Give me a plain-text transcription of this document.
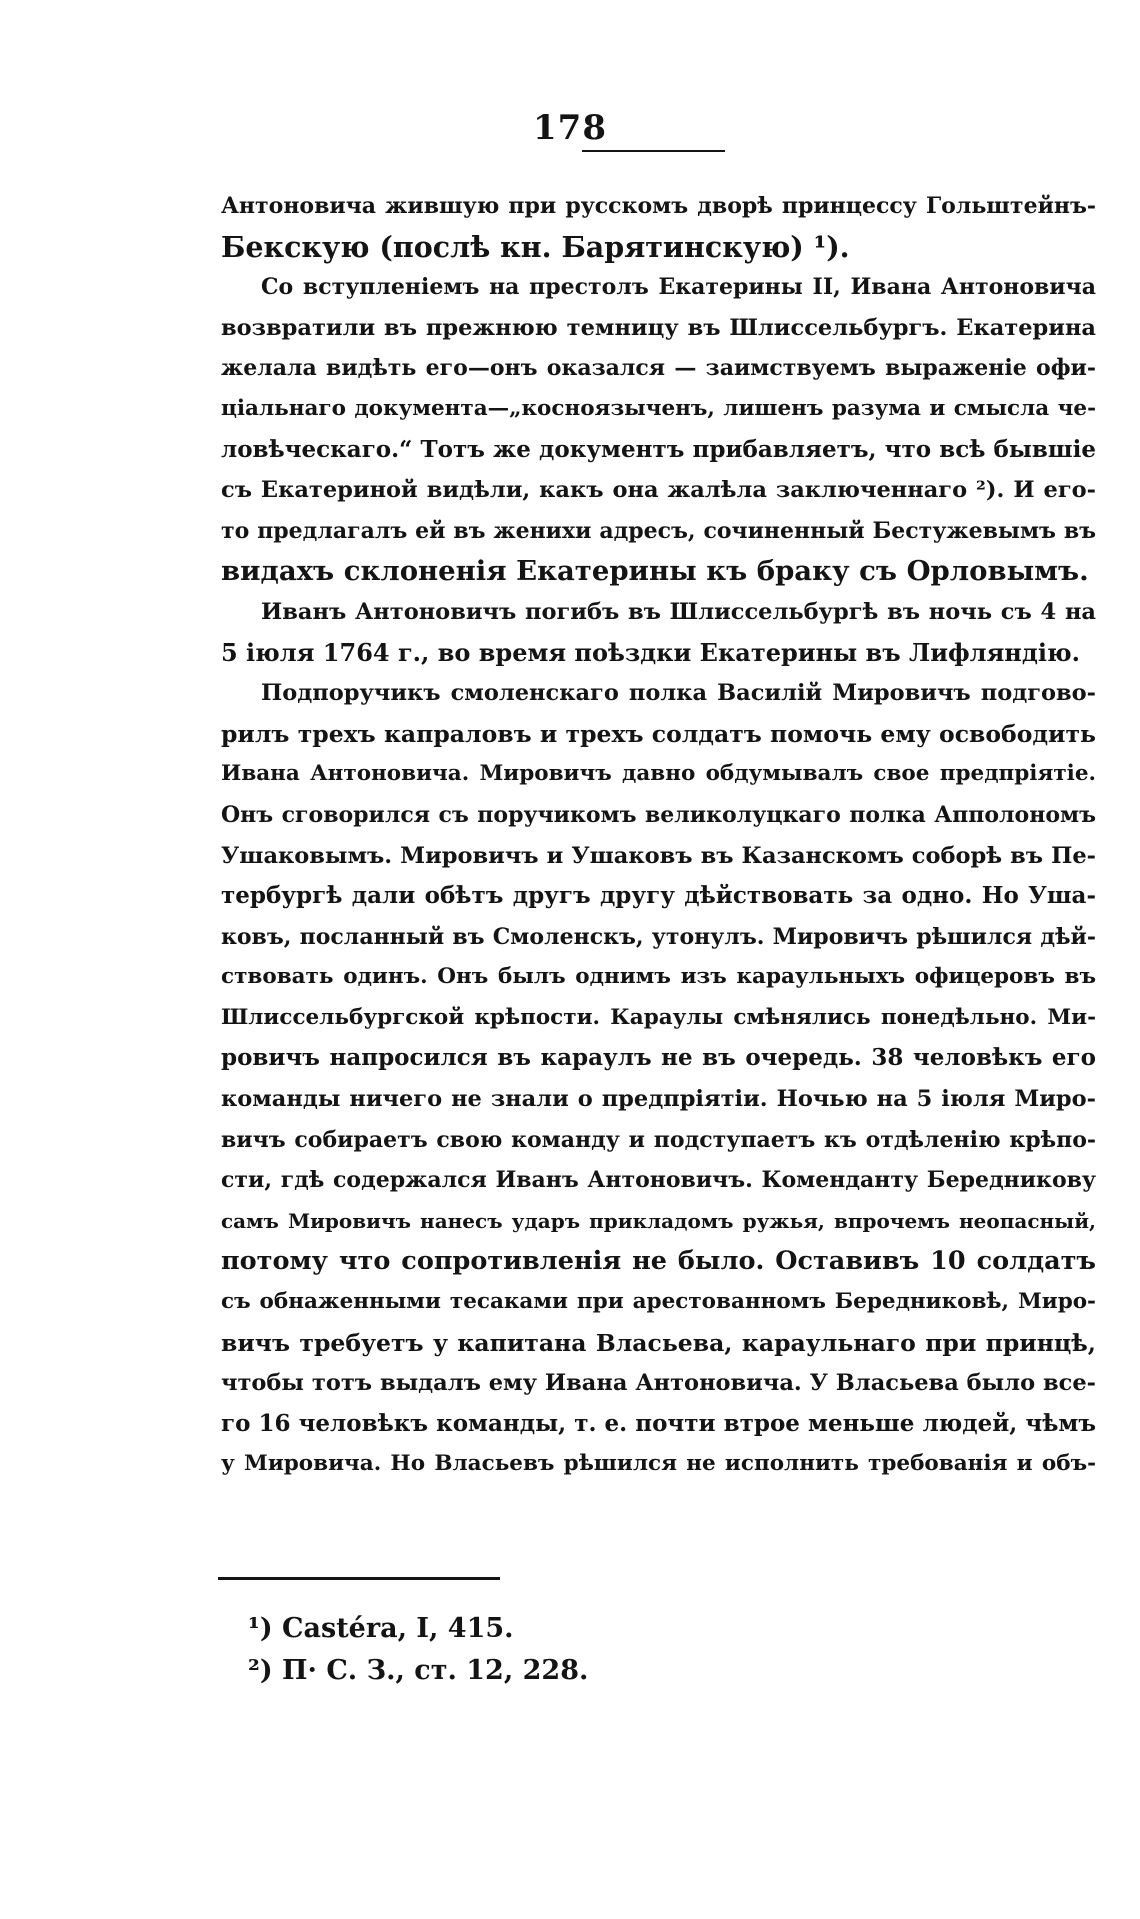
178
Антоновича жившую при русскомъ дворѣ принцессу Гольштейнъ-
Бекскую (послѣ кн. Барятинскую) ¹).
Со вступленіемъ на престолъ Екатерины II, Ивана Антоновича
возвратили въ прежнюю темницу въ Шлиссельбургъ. Екатерина
желала видѣть его—онъ оказался — заимствуемъ выраженіе офи-
ціальнаго документа—„косноязыченъ, лишенъ разума и смысла че-
ловѣческаго.“ Тотъ же документъ прибавляетъ, что всѣ бывшіе
съ Екатериной видѣли, какъ она жалѣла заключеннаго ²). И его-
то предлагалъ ей въ женихи адресъ, сочиненный Бестужевымъ въ
видахъ склоненія Екатерины къ браку съ Орловымъ.
Иванъ Антоновичъ погибъ въ Шлиссельбургѣ въ ночь съ 4 на
5 іюля 1764 г., во время поѣздки Екатерины въ Лифляндію.
Подпоручикъ смоленскаго полка Василій Мировичъ подгово-
рилъ трехъ капраловъ и трехъ солдатъ помочь ему освободить
Ивана Антоновича. Мировичъ давно обдумывалъ свое предпріятіе.
Онъ сговорился съ поручикомъ великолуцкаго полка Апполономъ
Ушаковымъ. Мировичъ и Ушаковъ въ Казанскомъ соборѣ въ Пе-
тербургѣ дали обѣтъ другъ другу дѣйствовать за одно. Но Уша-
ковъ, посланный въ Смоленскъ, утонулъ. Мировичъ рѣшился дѣй-
ствовать одинъ. Онъ былъ однимъ изъ караульныхъ офицеровъ въ
Шлиссельбургской крѣпости. Караулы смѣнялись понедѣльно. Ми-
ровичъ напросился въ караулъ не въ очередь. 38 человѣкъ его
команды ничего не знали о предпріятіи. Ночью на 5 іюля Миро-
вичъ собираетъ свою команду и подступаетъ къ отдѣленію крѣпо-
сти, гдѣ содержался Иванъ Антоновичъ. Коменданту Бередникову
самъ Мировичъ нанесъ ударъ прикладомъ ружья, впрочемъ неопасный,
потому что сопротивленія не было. Оставивъ 10 солдатъ
съ обнаженными тесаками при арестованномъ Бередниковѣ, Миро-
вичъ требуетъ у капитана Власьева, караульнаго при принцѣ,
чтобы тотъ выдалъ ему Ивана Антоновича. У Власьева было все-
го 16 человѣкъ команды, т. е. почти втрое меньше людей, чѣмъ
у Мировича. Но Власьевъ рѣшился не исполнить требованія и объ-
¹) Castéra, I, 415.
²) П· С. З., ст. 12, 228.
